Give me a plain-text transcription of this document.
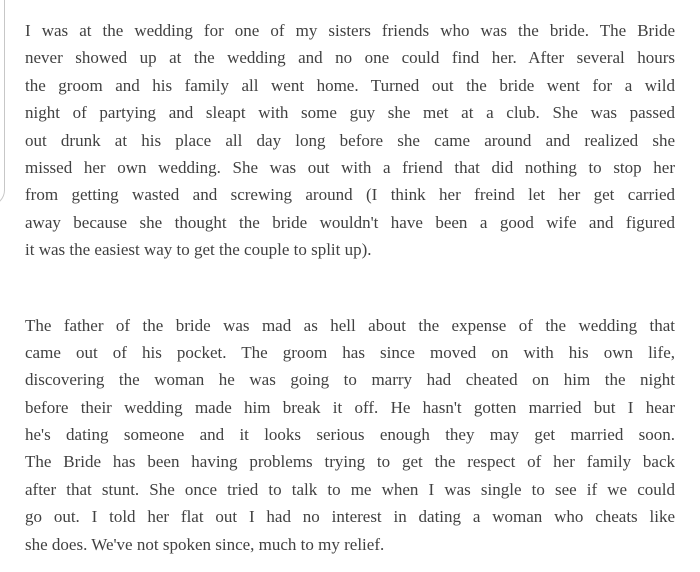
I was at the wedding for one of my sisters friends who was the bride. The Bride
never showed up at the wedding and no one could find her. After several hours
the groom and his family all went home. Turned out the bride went for a wild
night of partying and sleapt with some guy she met at a club. She was passed
out drunk at his place all day long before she came around and realized she
missed her own wedding. She was out with a friend that did nothing to stop her
from getting wasted and screwing around (I think her freind let her get carried
away because she thought the bride wouldn't have been a good wife and figured
it was the easiest way to get the couple to split up).
The father of the bride was mad as hell about the expense of the wedding that
came out of his pocket. The groom has since moved on with his own life,
discovering the woman he was going to marry had cheated on him the night
before their wedding made him break it off. He hasn't gotten married but I hear
he's dating someone and it looks serious enough they may get married soon.
The Bride has been having problems trying to get the respect of her family back
after that stunt. She once tried to talk to me when I was single to see if we could
go out. I told her flat out I had no interest in dating a woman who cheats like
she does. We've not spoken since, much to my relief.
